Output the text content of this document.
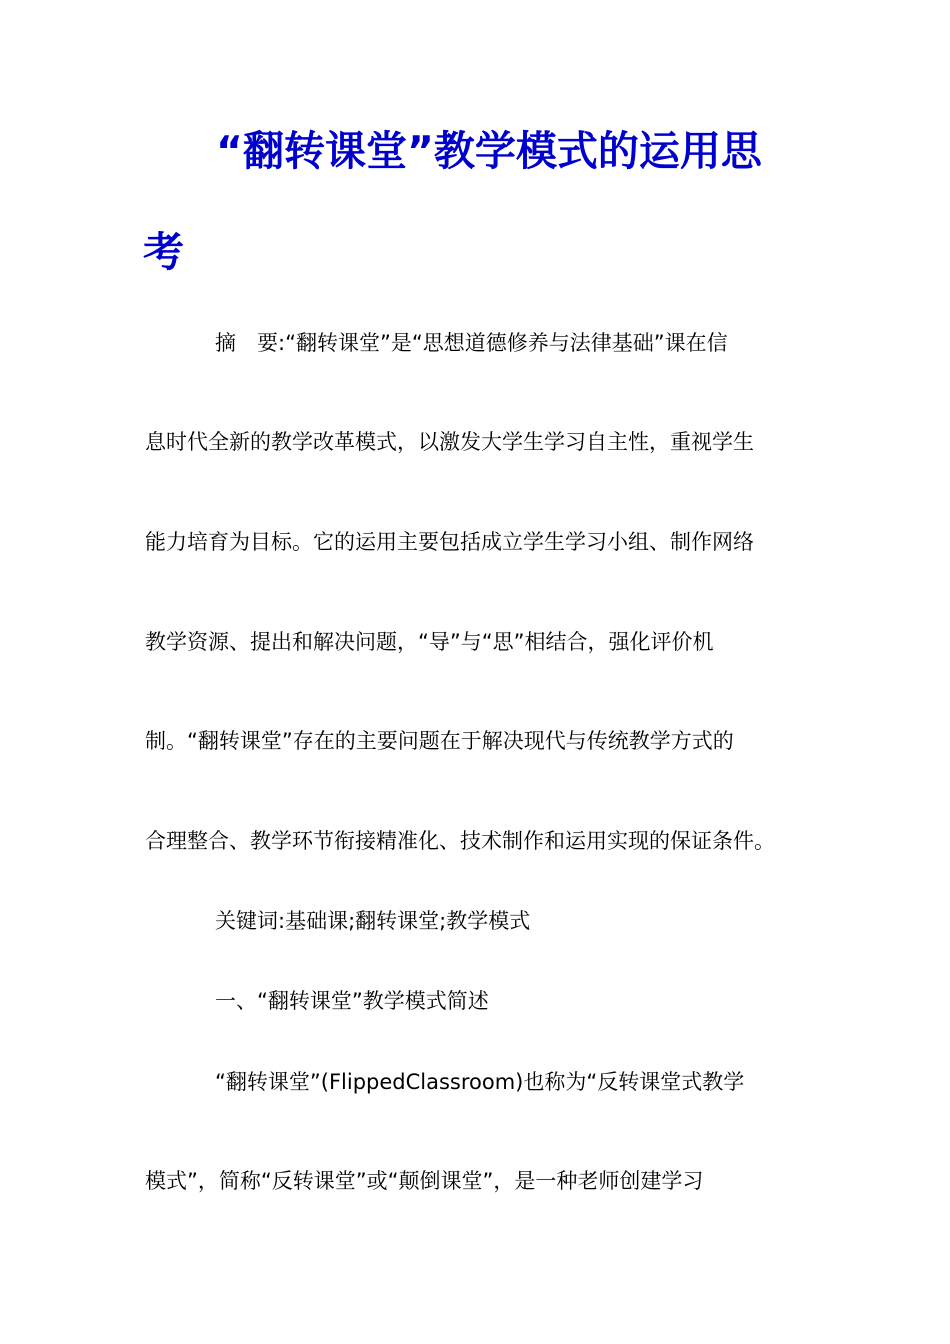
“翻转课堂”教学模式的运用思
考
摘　要:“翻转课堂”是“思想道德修养与法律基础”课在信
息时代全新的教学改革模式，以激发大学生学习自主性，重视学生
能力培育为目标。它的运用主要包括成立学生学习小组、制作网络
教学资源、提出和解决问题，“导”与“思”相结合，强化评价机
制。“翻转课堂”存在的主要问题在于解决现代与传统教学方式的
合理整合、教学环节衔接精准化、技术制作和运用实现的保证条件。
关键词:基础课;翻转课堂;教学模式
一、“翻转课堂”教学模式简述
“翻转课堂”(FlippedClassroom)也称为“反转课堂式教学
模式”，简称“反转课堂”或“颠倒课堂”，是一种老师创建学习
